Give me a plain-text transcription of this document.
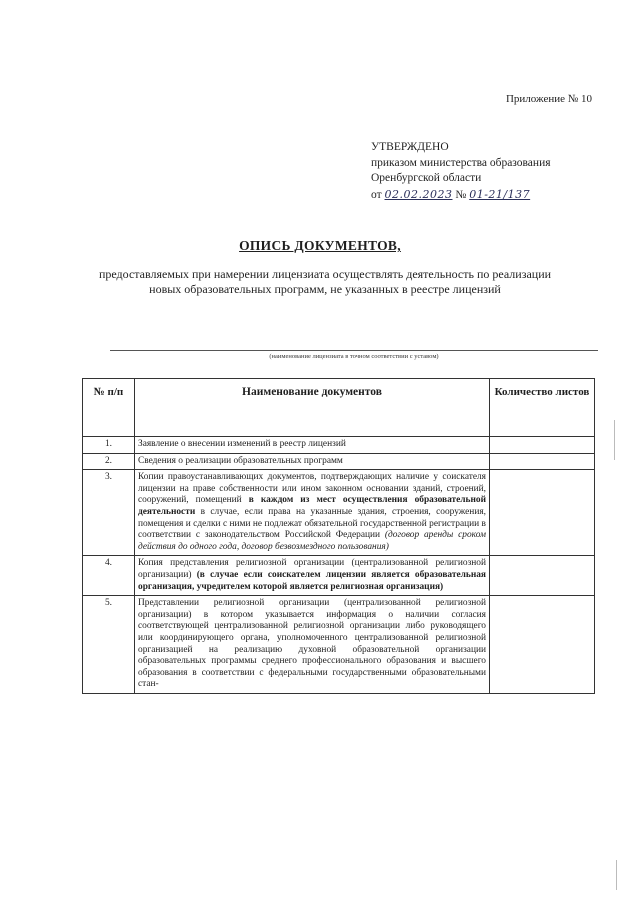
Приложение № 10
УТВЕРЖДЕНО
приказом министерства образования
Оренбургской области
от 02.02.2023 № 01-21/137
ОПИСЬ ДОКУМЕНТОВ,
предоставляемых при намерении лицензиата осуществлять деятельность по реализации новых образовательных программ, не указанных в реестре лицензий
(наименование лицензиата в точном соответствии с уставом)
№ п/п	Наименование документов	Количество листов
1.	Заявление о внесении изменений в реестр лицензий	
2.	Сведения о реализации образовательных программ	
3.	Копии правоустанавливающих документов, подтверждающих наличие у соискателя лицензии на праве собственности или ином законном основании зданий, строений, сооружений, помещений в каждом из мест осуществления образовательной деятельности в случае, если права на указанные здания, строения, сооружения, помещения и сделки с ними не подлежат обязательной государственной регистрации в соответствии с законодательством Российской Федерации (договор аренды сроком действия до одного года, договор безвозмездного пользования)	
4.	Копия представления религиозной организации (централизованной религиозной организации) (в случае если соискателем лицензии является образовательная организация, учредителем которой является религиозная организация)	
5.	Представлении религиозной организации (централизованной религиозной организации) в котором указывается информация о наличии согласия соответствующей централизованной религиозной организации либо руководящего или координирующего органа, уполномоченного централизованной религиозной организацией на реализацию духовной образовательной организации образовательных программы среднего профессионального образования и высшего образования в соответствии с федеральными государственными образовательными стан-	
